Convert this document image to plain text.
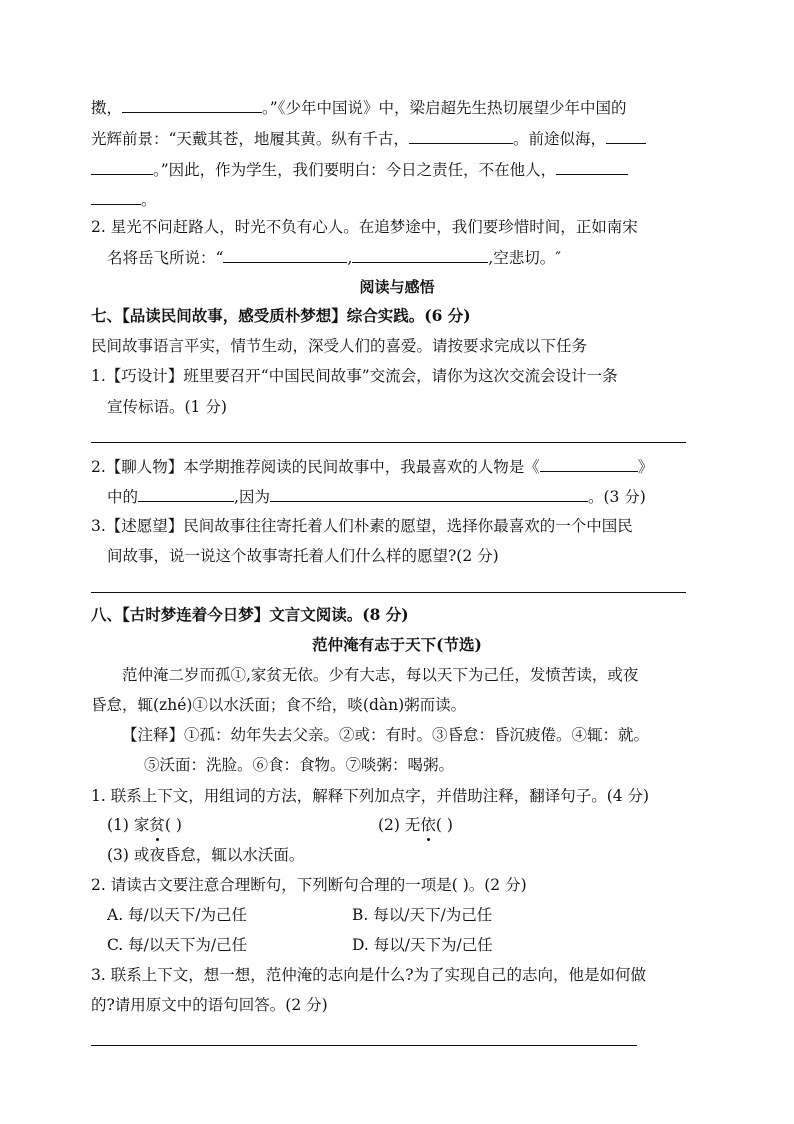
擞，	。”《少年中国说》中，梁启超先生热切展望少年中国的
光辉前景：“天戴其苍，地履其黄。纵有千古，	。前途似海，
。”因此，作为学生，我们要明白：今日之责任，不在他人，
。
2. 星光不问赶路人，时光不负有心人。在追梦途中，我们要珍惜时间，正如南宋
名将岳飞所说：“	,	,空悲切。″
阅读与感悟
七、【品读民间故事，感受质朴梦想】综合实践。(6 分)
民间故事语言平实，情节生动，深受人们的喜爱。请按要求完成以下任务
1.【巧设计】班里要召开“中国民间故事”交流会，请你为这次交流会设计一条
宣传标语。(1 分)
2.【聊人物】本学期推荐阅读的民间故事中，我最喜欢的人物是《	》
中的	,因为	。(3 分)
3.【述愿望】民间故事往往寄托着人们朴素的愿望，选择你最喜欢的一个中国民
间故事，说一说这个故事寄托着人们什么样的愿望?(2 分)
八、【古时梦连着今日梦】文言文阅读。(8 分)
范仲淹有志于天下(节选)
范仲淹二岁而孤①,家贫无依。少有大志，每以天下为己任，发愤苦读，或夜
昏怠，辄(zhé)①以水沃面；食不给，啖(dàn)粥而读。
【注释】①孤：幼年失去父亲。②或：有时。③昏怠：昏沉疲倦。④辄：就。
⑤沃面：洗脸。⑥食：食物。⑦啖粥：喝粥。
1. 联系上下文，用组词的方法，解释下列加点字，并借助注释，翻译句子。(4 分)
(1) 家贫( )	(2) 无依( )
(3) 或夜昏怠，辄以水沃面。
2. 请读古文要注意合理断句，下列断句合理的一项是( )。(2 分)
A. 每/以天下/为己任	B. 每以/天下/为己任
C. 每/以天下为/己任	D. 每以/天下为/己任
3. 联系上下文，想一想，范仲淹的志向是什么?为了实现自己的志向，他是如何做
的?请用原文中的语句回答。(2 分)
